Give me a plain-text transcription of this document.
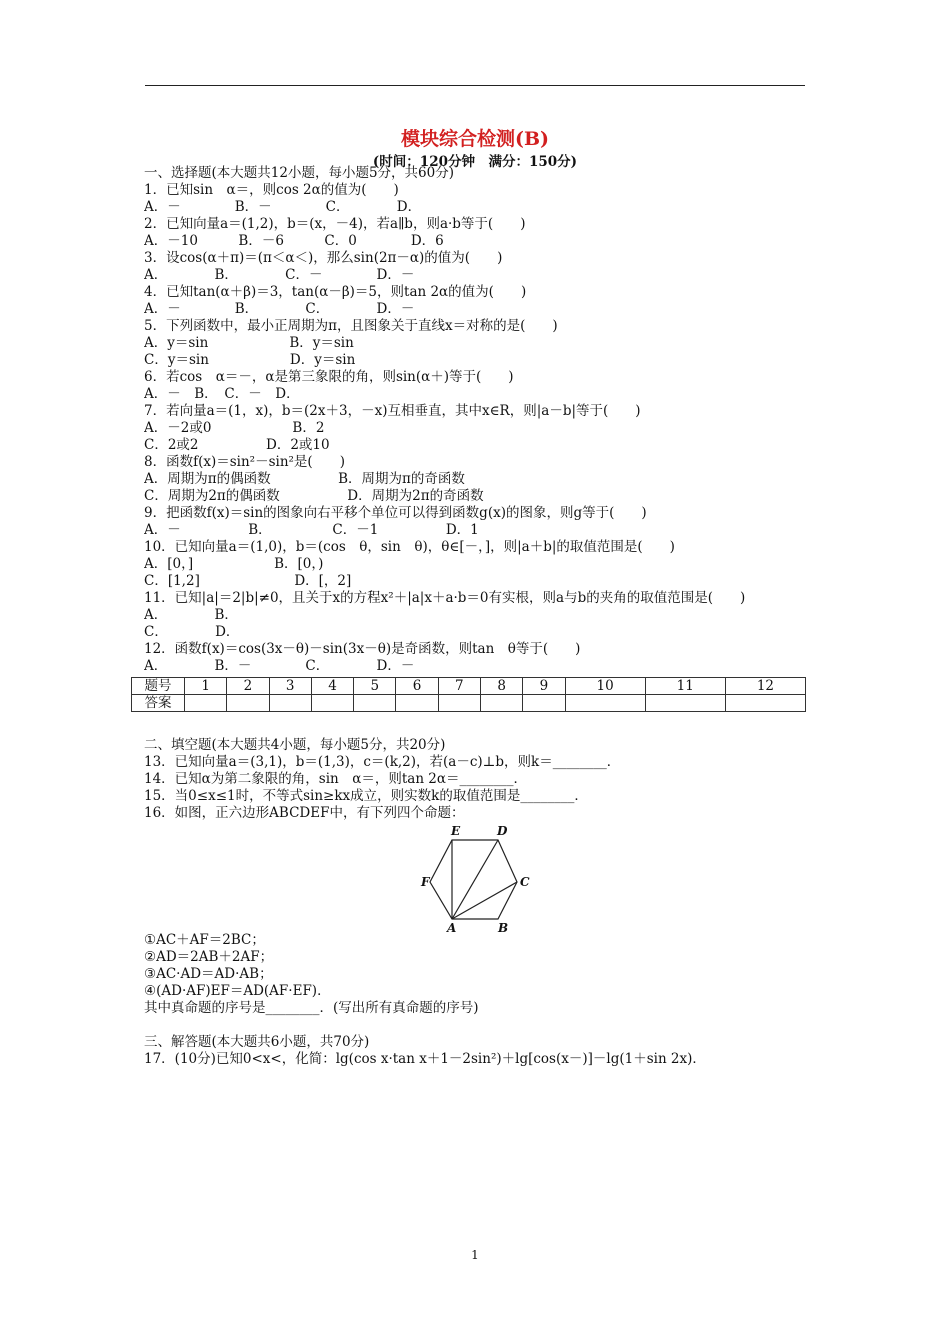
模块综合检测(B)
(时间：120分钟　满分：150分)
一、选择题(本大题共12小题，每小题5分，共60分)
1．已知sin　α＝，则cos 2α的值为(　　)
A．－　　　　B．－　　　　C．　　　　D．
2．已知向量a＝(1,2)，b＝(x，－4)，若a∥b，则a·b等于(　　)
A．－10　　　B．－6　　　C．0　　　　D．6
3．设cos(α＋π)＝(π＜α＜)，那么sin(2π－α)的值为(　　)
A．　　　　B．　　　　C．－　　　　D．－
4．已知tan(α＋β)＝3，tan(α－β)＝5，则tan 2α的值为(　　)
A．－　　　　B．　　　　C．　　　　D．－
5．下列函数中，最小正周期为π，且图象关于直线x＝对称的是(　　)
A．y＝sin　　　　　　B．y＝sin
C．y＝sin　　　　　　D．y＝sin
6．若cos　α＝－，α是第三象限的角，则sin(α＋)等于(　　)
A．－　B．　C．－　D．
7．若向量a＝(1，x)，b＝(2x＋3，－x)互相垂直，其中x∈R，则|a－b|等于(　　)
A．－2或0　　　　　　B．2
C．2或2　　　　　D．2或10
8．函数f(x)＝sin²－sin²是(　　)
A．周期为π的偶函数　　　　　B．周期为π的奇函数
C．周期为2π的偶函数　　　　　D．周期为2π的奇函数
9．把函数f(x)＝sin的图象向右平移个单位可以得到函数g(x)的图象，则g等于(　　)
A．－　　　　　B．　　　　　C．－1　　　　　D．1
10．已知向量a＝(1,0)，b＝(cos　θ，sin　θ)，θ∈[－，]，则|a＋b|的取值范围是(　　)
A．[0，]　　　　　　B．[0，)
C．[1,2]　　　　　　　D．[，2]
11．已知|a|＝2|b|≠0，且关于x的方程x²＋|a|x＋a·b＝0有实根，则a与b的夹角的取值范围是(　　)
A．　　　　B．
C．　　　　D．
12．函数f(x)＝cos(3x－θ)－sin(3x－θ)是奇函数，则tan　θ等于(　　)
A．　　　　B．－　　　　C．　　　　D．－
题号	1	2	3	4	5	6	7	8	9	10	11	12
答案												
二、填空题(本大题共4小题，每小题5分，共20分)
13．已知向量a＝(3,1)，b＝(1,3)，c＝(k,2)，若(a－c)⊥b，则k＝________．
14．已知α为第二象限的角，sin　α＝，则tan 2α＝________．
15．当0≤x≤1时，不等式sin≥kx成立，则实数k的取值范围是________．
16．如图，正六边形ABCDEF中，有下列四个命题：
A	B
C
D
E
F
①AC＋AF＝2BC；
②AD＝2AB＋2AF；
③AC·AD＝AD·AB；
④(AD·AF)EF＝AD(AF·EF)．
其中真命题的序号是________．(写出所有真命题的序号)
三、解答题(本大题共6小题，共70分)
17．(10分)已知0<x<，化简：lg(cos x·tan x＋1－2sin²)＋lg[cos(x－)]－lg(1＋sin 2x)．
1
